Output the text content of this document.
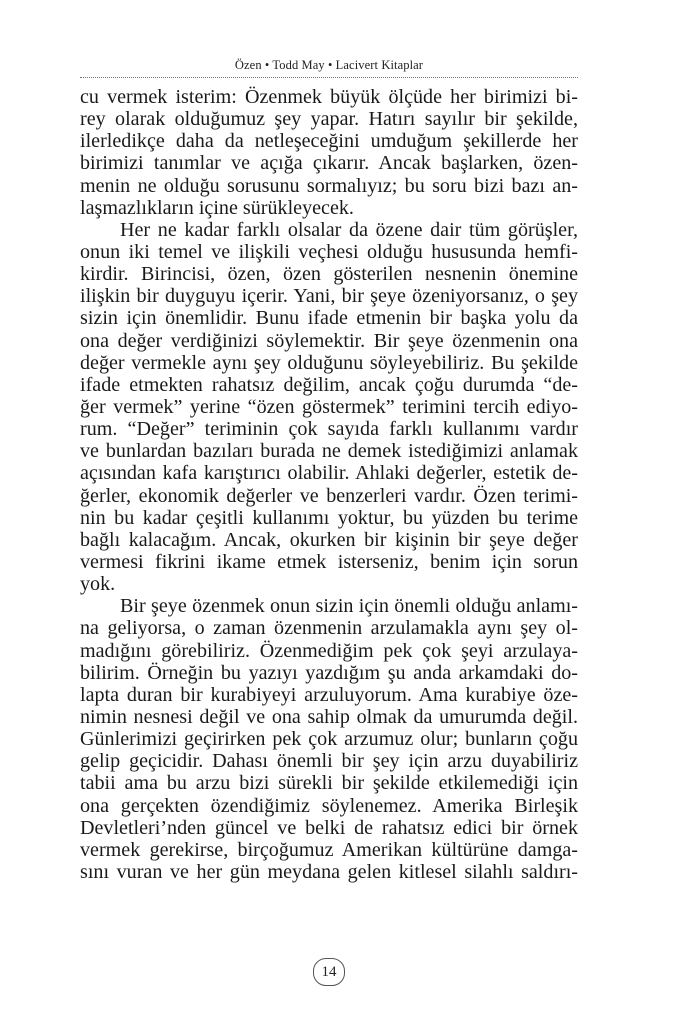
Özen • Todd May • Lacivert Kitaplar
cu vermek isterim: Özenmek büyük ölçüde her birimizi bi-
rey olarak olduğumuz şey yapar. Hatırı sayılır bir şekilde,
ilerledikçe daha da netleşeceğini umduğum şekillerde her
birimizi tanımlar ve açığa çıkarır. Ancak başlarken, özen-
menin ne olduğu sorusunu sormalıyız; bu soru bizi bazı an-
laşmazlıkların içine sürükleyecek.
Her ne kadar farklı olsalar da özene dair tüm görüşler,
onun iki temel ve ilişkili veçhesi olduğu hususunda hemfi-
kirdir. Birincisi, özen, özen gösterilen nesnenin önemine
ilişkin bir duyguyu içerir. Yani, bir şeye özeniyorsanız, o şey
sizin için önemlidir. Bunu ifade etmenin bir başka yolu da
ona değer verdiğinizi söylemektir. Bir şeye özenmenin ona
değer vermekle aynı şey olduğunu söyleyebiliriz. Bu şekilde
ifade etmekten rahatsız değilim, ancak çoğu durumda “de-
ğer vermek” yerine “özen göstermek” terimini tercih ediyo-
rum. “Değer” teriminin çok sayıda farklı kullanımı vardır
ve bunlardan bazıları burada ne demek istediğimizi anlamak
açısından kafa karıştırıcı olabilir. Ahlaki değerler, estetik de-
ğerler, ekonomik değerler ve benzerleri vardır. Özen terimi-
nin bu kadar çeşitli kullanımı yoktur, bu yüzden bu terime
bağlı kalacağım. Ancak, okurken bir kişinin bir şeye değer
vermesi fikrini ikame etmek isterseniz, benim için sorun
yok.
Bir şeye özenmek onun sizin için önemli olduğu anlamı-
na geliyorsa, o zaman özenmenin arzulamakla aynı şey ol-
madığını görebiliriz. Özenmediğim pek çok şeyi arzulaya-
bilirim. Örneğin bu yazıyı yazdığım şu anda arkamdaki do-
lapta duran bir kurabiyeyi arzuluyorum. Ama kurabiye öze-
nimin nesnesi değil ve ona sahip olmak da umurumda değil.
Günlerimizi geçirirken pek çok arzumuz olur; bunların çoğu
gelip geçicidir. Dahası önemli bir şey için arzu duyabiliriz
tabii ama bu arzu bizi sürekli bir şekilde etkilemediği için
ona gerçekten özendiğimiz söylenemez. Amerika Birleşik
Devletleri’nden güncel ve belki de rahatsız edici bir örnek
vermek gerekirse, birçoğumuz Amerikan kültürüne damga-
sını vuran ve her gün meydana gelen kitlesel silahlı saldırı-
14
